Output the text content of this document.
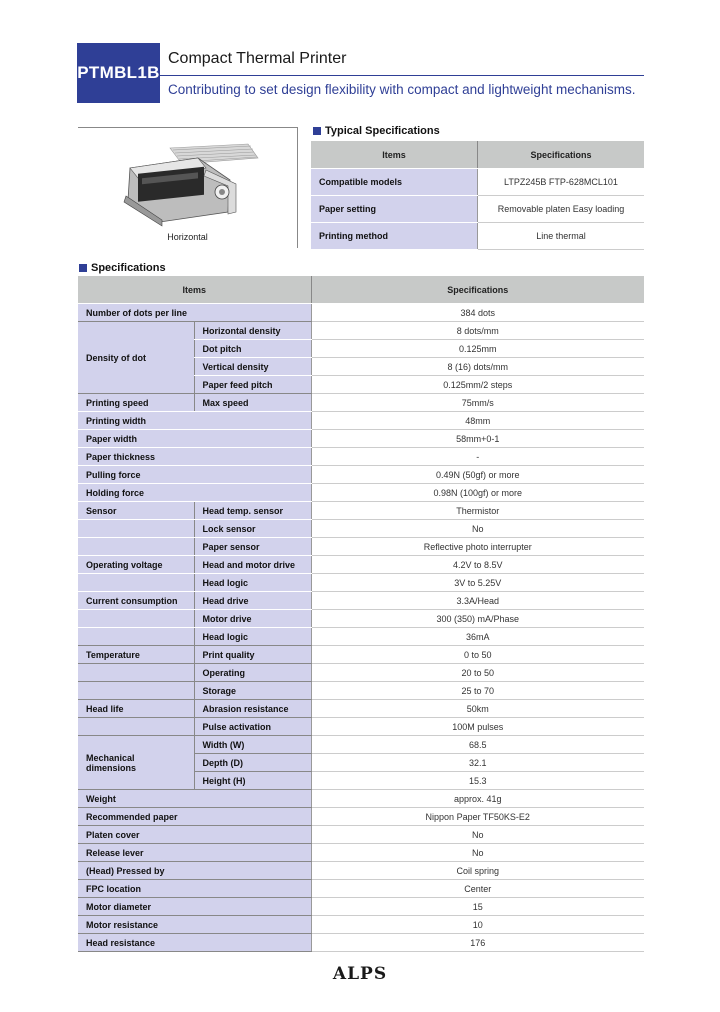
PTMBL1B
Compact Thermal Printer
Contributing to set design flexibility with compact and lightweight mechanisms.
Horizontal
Typical Specifications
Items	Specifications
Compatible models	LTPZ245B FTP-628MCL101
Paper setting	Removable platen Easy loading
Printing method	Line thermal
Specifications
Items		Specifications
Number of dots per line		384 dots
Density of dot	Horizontal density	8 dots/mm
	Dot pitch	0.125mm
	Vertical density	8 (16) dots/mm
	Paper feed pitch	0.125mm/2 steps
Printing speed	Max speed	75mm/s
Printing width		48mm
Paper width		58mm+0-1
Paper thickness		-
Pulling force		0.49N (50gf) or more
Holding force		0.98N (100gf) or more
Sensor	Head temp. sensor	Thermistor
	Lock sensor	No
	Paper sensor	Reflective photo interrupter
Operating voltage	Head and motor drive	4.2V to 8.5V
	Head logic	3V to 5.25V
Current consumption	Head drive	3.3A/Head
	Motor drive	300 (350) mA/Phase
	Head logic	36mA
Temperature	Print quality	0 to 50
	Operating	20 to 50
	Storage	25 to 70
Head life	Abrasion resistance	50km
	Pulse activation	100M pulses
Mechanical dimensions	Width (W)	68.5
	Depth (D)	32.1
	Height (H)	15.3
Weight		approx. 41g
Recommended paper		Nippon Paper TF50KS-E2
Platen cover		No
Release lever		No
(Head) Pressed by		Coil spring
FPC location		Center
Motor diameter		15
Motor resistance		10
Head resistance		176
ALPS
